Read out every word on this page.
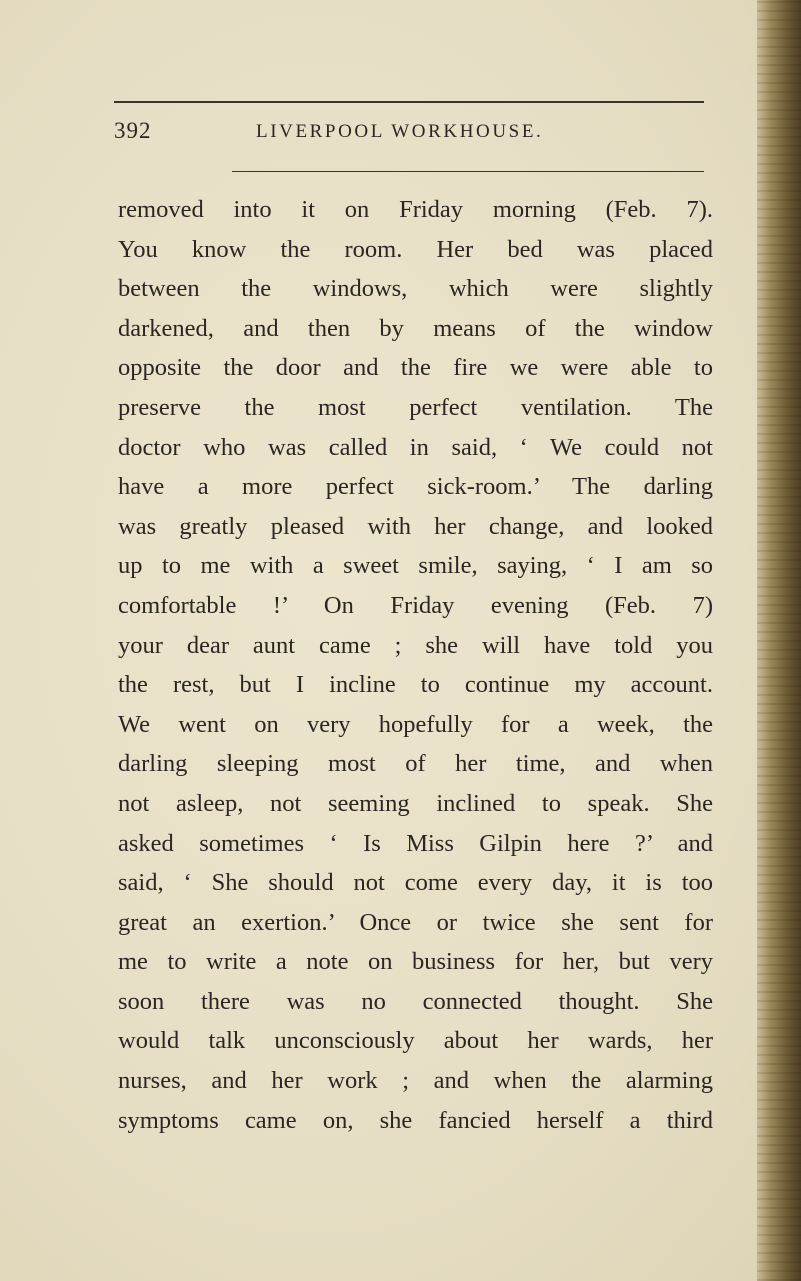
392	LIVERPOOL WORKHOUSE.
removed into it on Friday morning (Feb. 7).
You know the room. Her bed was placed
between the windows, which were slightly
darkened, and then by means of the window
opposite the door and the fire we were able to
preserve the most perfect ventilation. The
doctor who was called in said, ‘ We could not
have a more perfect sick-room.’ The darling
was greatly pleased with her change, and looked
up to me with a sweet smile, saying, ‘ I am so
comfortable !’ On Friday evening (Feb. 7)
your dear aunt came ; she will have told you
the rest, but I incline to continue my account.
We went on very hopefully for a week, the
darling sleeping most of her time, and when
not asleep, not seeming inclined to speak. She
asked sometimes ‘ Is Miss Gilpin here ?’ and
said, ‘ She should not come every day, it is too
great an exertion.’ Once or twice she sent for
me to write a note on business for her, but very
soon there was no connected thought. She
would talk unconsciously about her wards, her
nurses, and her work ; and when the alarming
symptoms came on, she fancied herself a third
